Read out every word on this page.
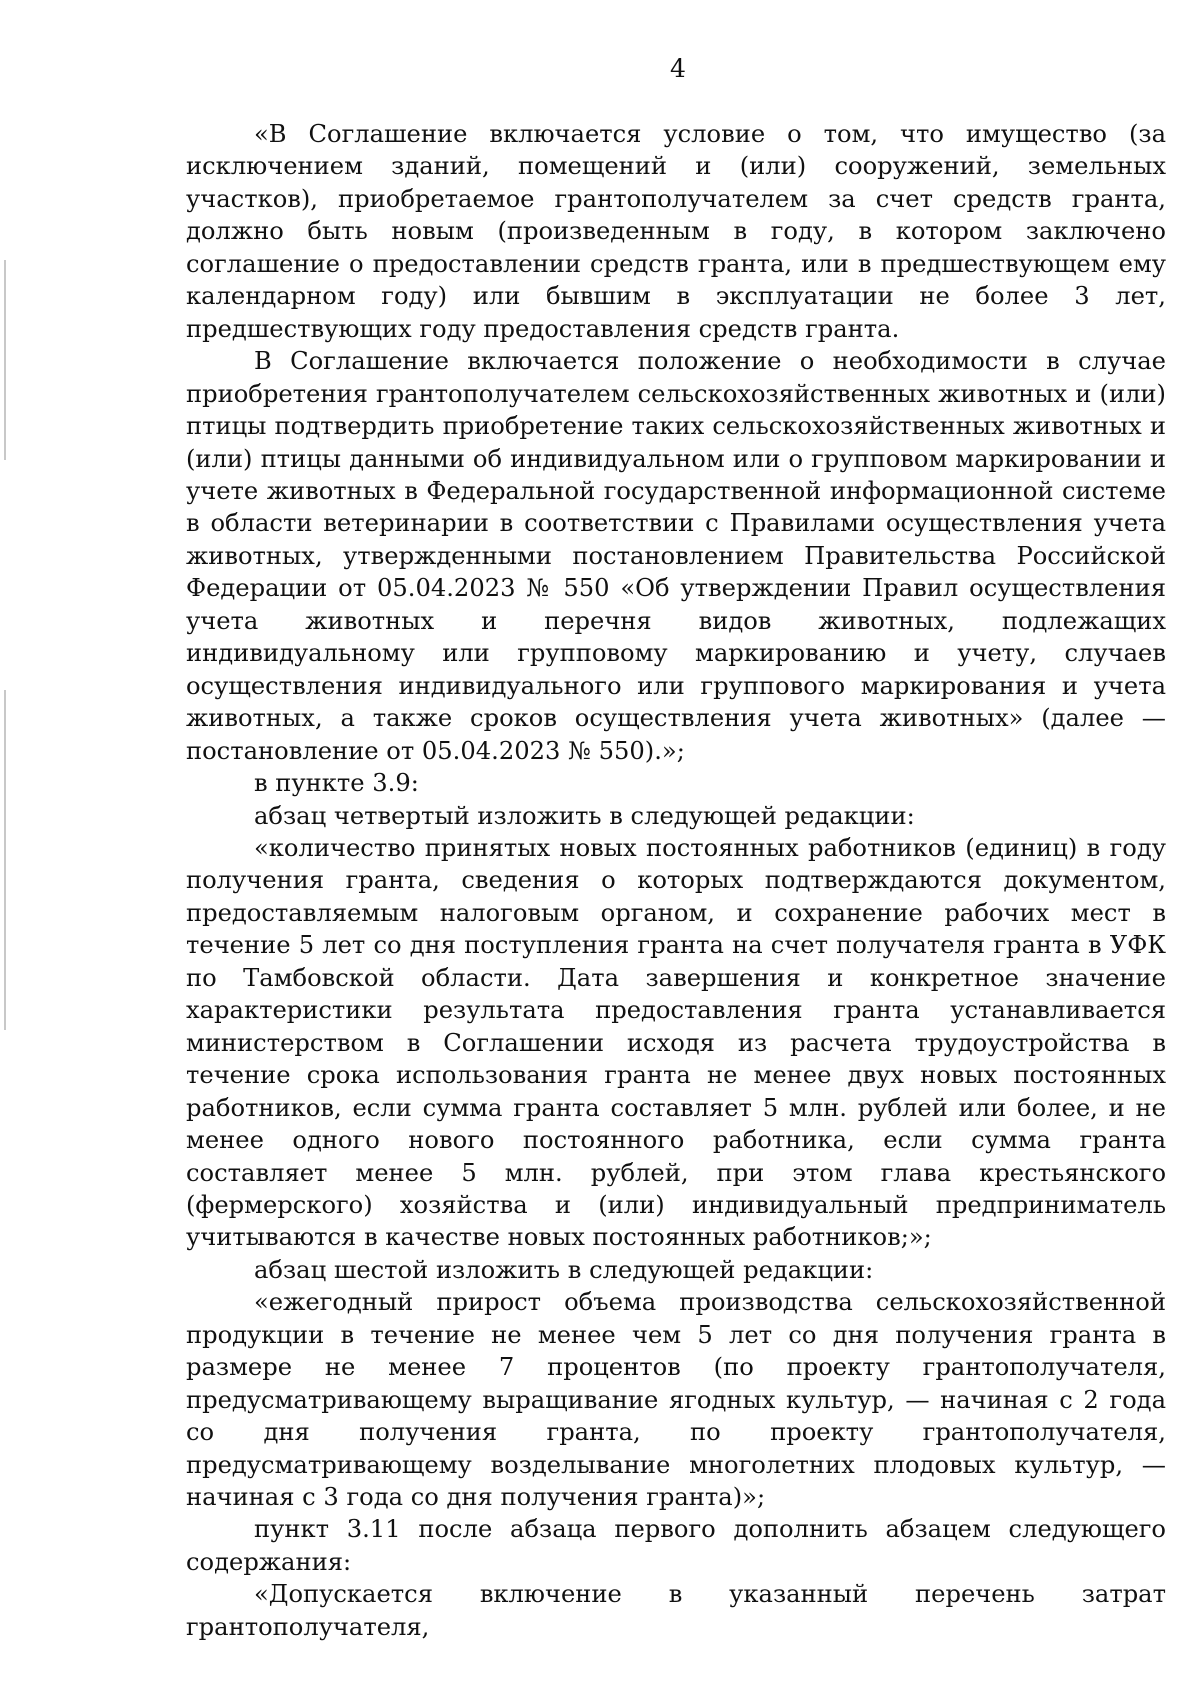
4

«В Соглашение включается условие о том, что имущество (за исключением зданий, помещений и (или) сооружений, земельных участков), приобретаемое грантополучателем за счет средств гранта, должно быть новым (произведенным в году, в котором заключено соглашение о предоставлении средств гранта, или в предшествующем ему календарном году) или бывшим в эксплуатации не более 3 лет, предшествующих году предоставления средств гранта.

В Соглашение включается положение о необходимости в случае приобретения грантополучателем сельскохозяйственных животных и (или) птицы подтвердить приобретение таких сельскохозяйственных животных и (или) птицы данными об индивидуальном или о групповом маркировании и учете животных в Федеральной государственной информационной системе в области ветеринарии в соответствии с Правилами осуществления учета животных, утвержденными постановлением Правительства Российской Федерации от 05.04.2023 № 550 «Об утверждении Правил осуществления учета животных и перечня видов животных, подлежащих индивидуальному или групповому маркированию и учету, случаев осуществления индивидуального или группового маркирования и учета животных, а также сроков осуществления учета животных» (далее — постановление от 05.04.2023 № 550).»;

в пункте 3.9:

абзац четвертый изложить в следующей редакции:

«количество принятых новых постоянных работников (единиц) в году получения гранта, сведения о которых подтверждаются документом, предоставляемым налоговым органом, и сохранение рабочих мест в течение 5 лет со дня поступления гранта на счет получателя гранта в УФК по Тамбовской области. Дата завершения и конкретное значение характеристики результата предоставления гранта устанавливается министерством в Соглашении исходя из расчета трудоустройства в течение срока использования гранта не менее двух новых постоянных работников, если сумма гранта составляет 5 млн. рублей или более, и не менее одного нового постоянного работника, если сумма гранта составляет менее 5 млн. рублей, при этом глава крестьянского (фермерского) хозяйства и (или) индивидуальный предприниматель учитываются в качестве новых постоянных работников;»;

абзац шестой изложить в следующей редакции:

«ежегодный прирост объема производства сельскохозяйственной продукции в течение не менее чем 5 лет со дня получения гранта в размере не менее 7 процентов (по проекту грантополучателя, предусматривающему выращивание ягодных культур, — начиная с 2 года со дня получения гранта, по проекту грантополучателя, предусматривающему возделывание многолетних плодовых культур, — начиная с 3 года со дня получения гранта)»;

пункт 3.11 после абзаца первого дополнить абзацем следующего содержания:

«Допускается включение в указанный перечень затрат грантополучателя,
